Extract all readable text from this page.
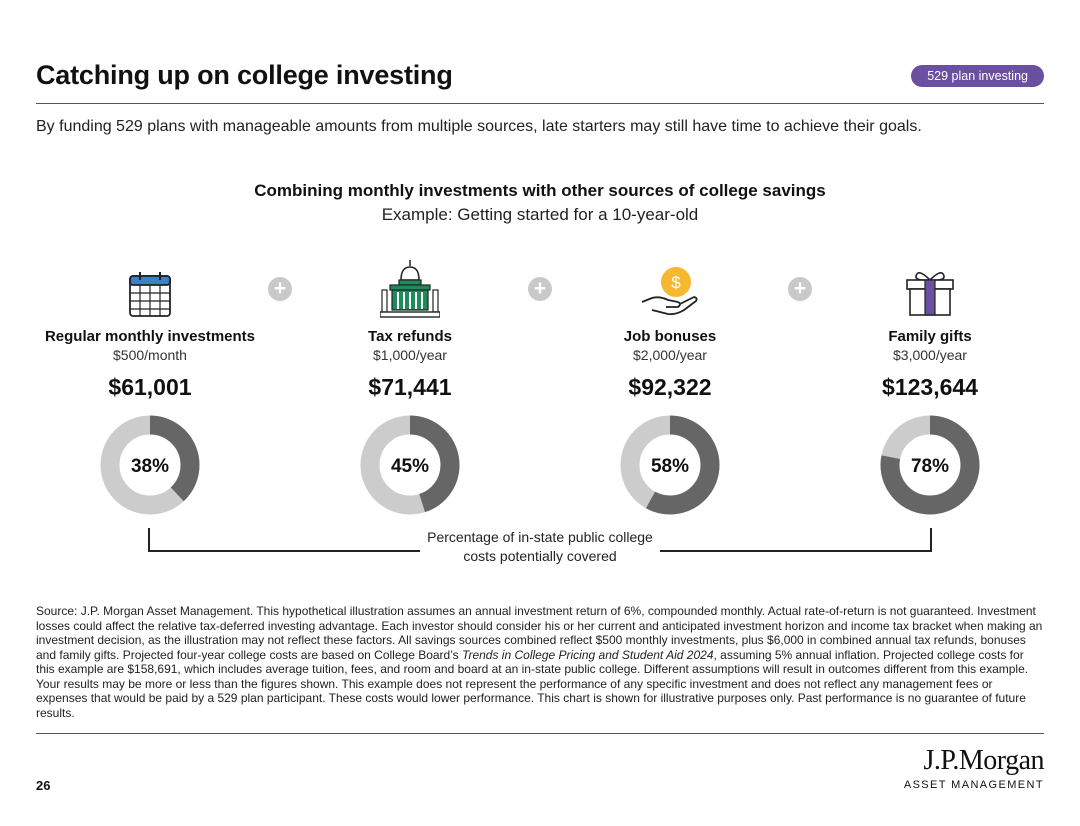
Catching up on college investing	529 plan investing
By funding 529 plans with manageable amounts from multiple sources, late starters may still have time to achieve their goals.
Combining monthly investments with other sources of college savings
Example: Getting started for a 10-year-old
Regular monthly investments
$500/month
$61,001
Tax refunds
$1,000/year
$71,441
$
Job bonuses
$2,000/year
$92,322
Family gifts
$3,000/year
$123,644
+	+	+
38%	45%	58%	78%
Percentage of in-state public college costs potentially covered
Source: J.P. Morgan Asset Management. This hypothetical illustration assumes an annual investment return of 6%, compounded monthly. Actual rate-of-return is not guaranteed. Investment losses could affect the relative tax-deferred investing advantage. Each investor should consider his or her current and anticipated investment horizon and income tax bracket when making an investment decision, as the illustration may not reflect these factors. All savings sources combined reflect $500 monthly investments, plus $6,000 in combined annual tax refunds, bonuses and family gifts. Projected four-year college costs are based on College Board’s Trends in College Pricing and Student Aid 2024, assuming 5% annual inflation. Projected college costs for this example are $158,691, which includes average tuition, fees, and room and board at an in-state public college. Different assumptions will result in outcomes different from this example. Your results may be more or less than the figures shown. This example does not represent the performance of any specific investment and does not reflect any management fees or expenses that would be paid by a 529 plan participant. These costs would lower performance. This chart is shown for illustrative purposes only. Past performance is no guarantee of future results.
26
J.P.Morgan
ASSET MANAGEMENT
